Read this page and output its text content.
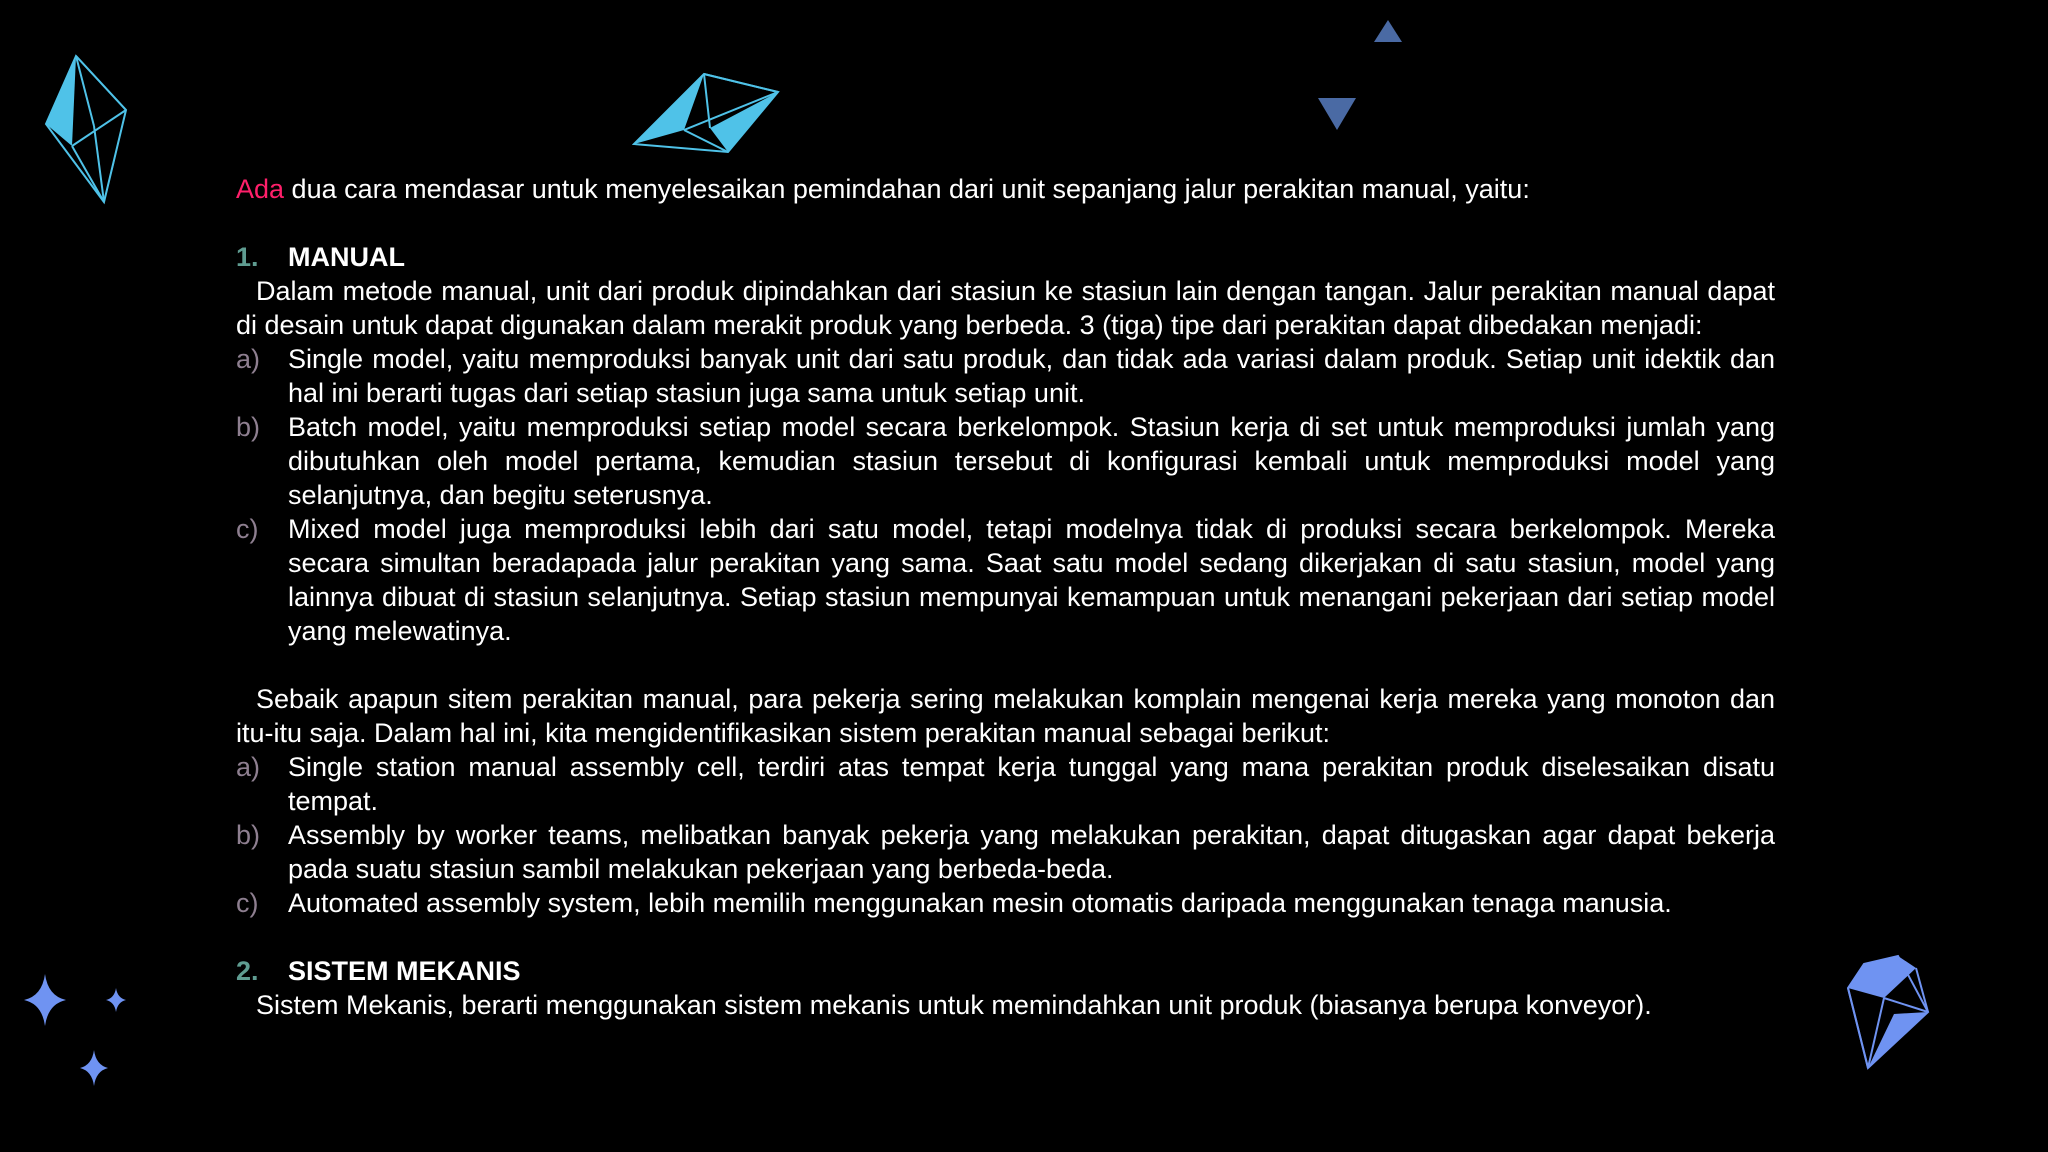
Ada dua cara mendasar untuk menyelesaikan pemindahan dari unit sepanjang jalur perakitan manual, yaitu:

1.	MANUAL

Dalam metode manual, unit dari produk dipindahkan dari stasiun ke stasiun lain dengan tangan. Jalur perakitan manual dapat di desain untuk dapat digunakan dalam merakit produk yang berbeda. 3 (tiga) tipe dari perakitan dapat dibedakan menjadi:

a)	Single model, yaitu memproduksi banyak unit dari satu produk, dan tidak ada variasi dalam produk. Setiap unit idektik dan hal ini berarti tugas dari setiap stasiun juga sama untuk setiap unit.
b)	Batch model, yaitu memproduksi setiap model secara berkelompok. Stasiun kerja di set untuk memproduksi jumlah yang dibutuhkan oleh model pertama, kemudian stasiun tersebut di konfigurasi kembali untuk memproduksi model yang selanjutnya, dan begitu seterusnya.
c)	Mixed model juga memproduksi lebih dari satu model, tetapi modelnya tidak di produksi secara berkelompok. Mereka secara simultan beradapada jalur perakitan yang sama. Saat satu model sedang dikerjakan di satu stasiun, model yang lainnya dibuat di stasiun selanjutnya. Setiap stasiun mempunyai kemampuan untuk menangani pekerjaan dari setiap model yang melewatinya.

Sebaik apapun sitem perakitan manual, para pekerja sering melakukan komplain mengenai kerja mereka yang monoton dan itu-itu saja. Dalam hal ini, kita mengidentifikasikan sistem perakitan manual sebagai berikut:

a)	Single station manual assembly cell, terdiri atas tempat kerja tunggal yang mana perakitan produk diselesaikan disatu tempat.
b)	Assembly by worker teams, melibatkan banyak pekerja yang melakukan perakitan, dapat ditugaskan agar dapat bekerja pada suatu stasiun sambil melakukan pekerjaan yang berbeda-beda.
c)	Automated assembly system, lebih memilih menggunakan mesin otomatis daripada menggunakan tenaga manusia.
2.	SISTEM MEKANIS

Sistem Mekanis, berarti menggunakan sistem mekanis untuk memindahkan unit produk (biasanya berupa konveyor).
